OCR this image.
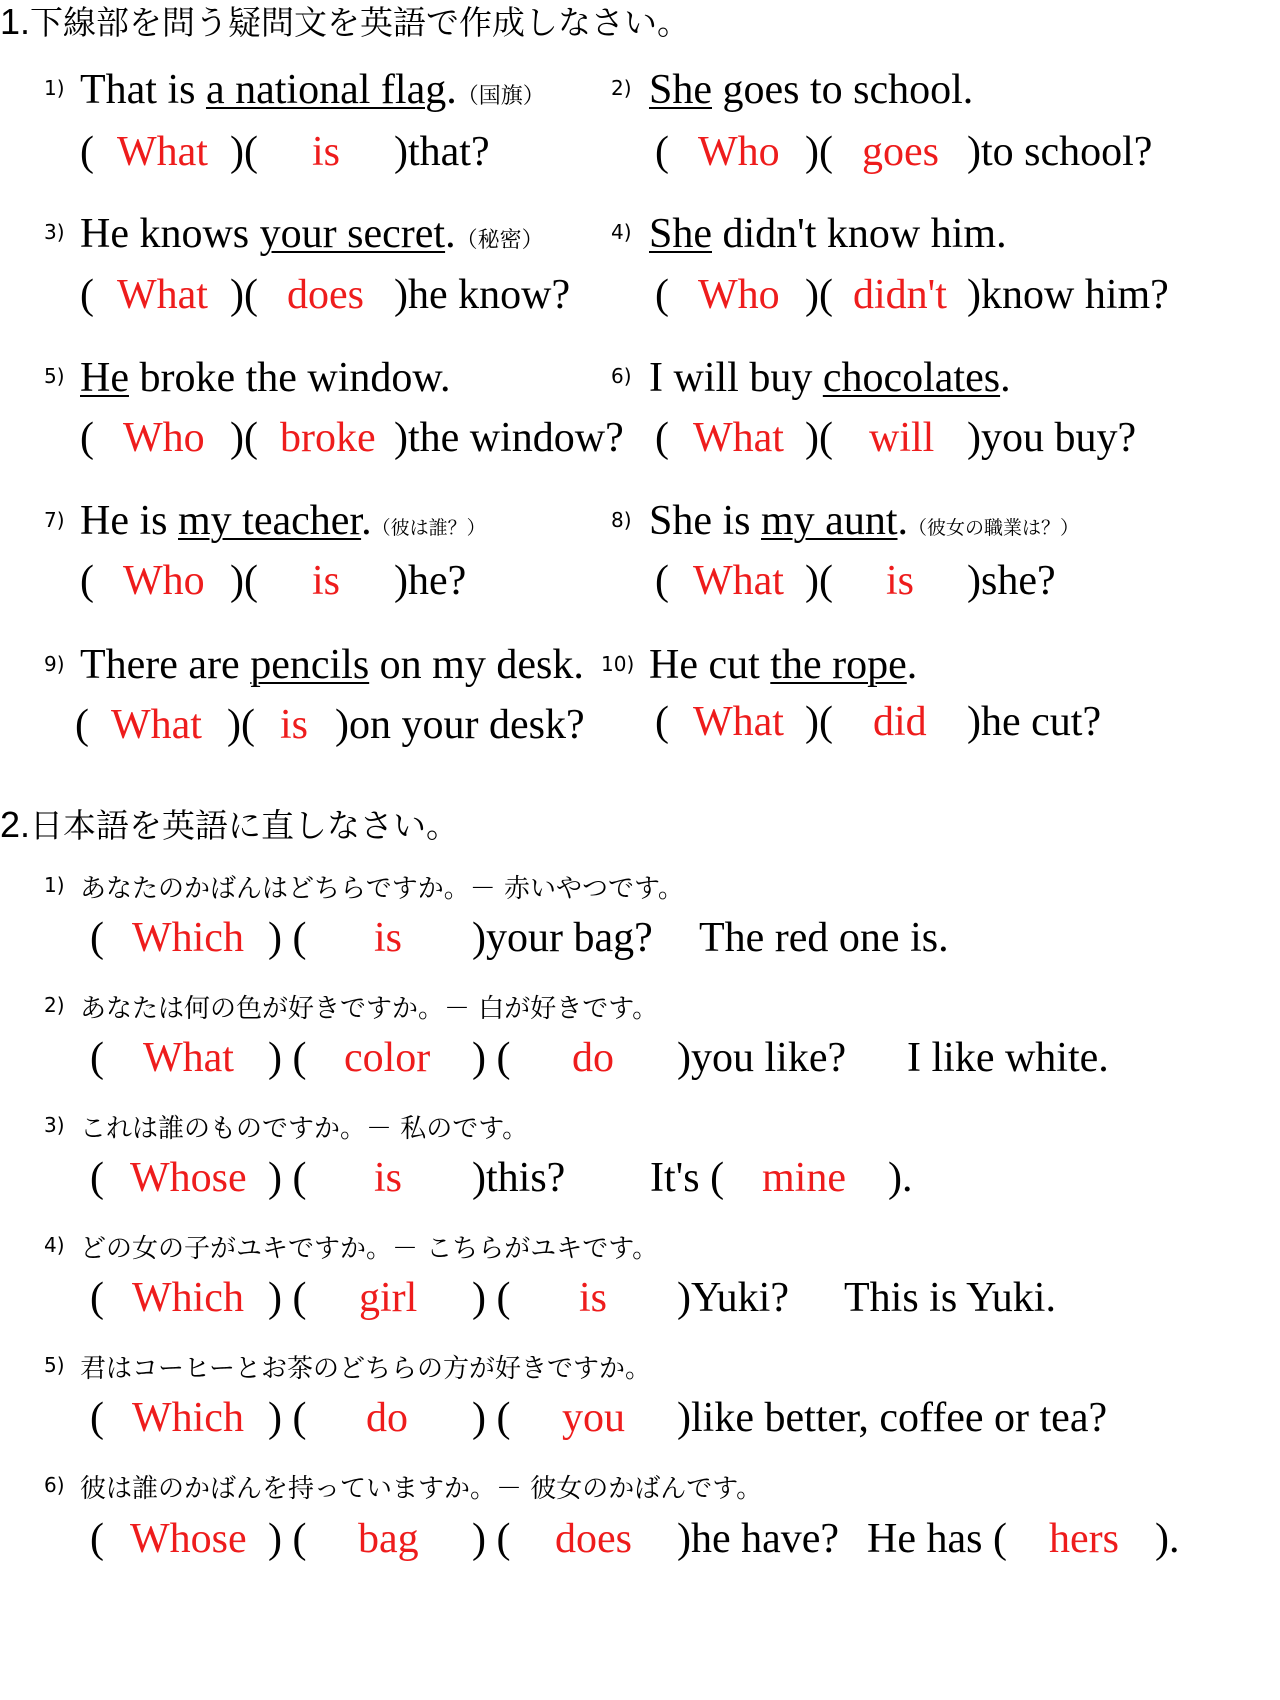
1.下線部を問う疑問文を英語で作成しなさい。
1) That is a national flag.（国旗）
( What )( is )that?
2) She goes to school.
( Who )( goes )to school?
3) He knows your secret.（秘密）
( What )( does )he know?
4) She didn't know him.
( Who )( didn't )know him?
5) He broke the window.
( Who )( broke )the window?
6) I will buy chocolates.
( What )( will )you buy?
7) He is my teacher.（彼は誰？）
( Who )( is )he?
8) She is my aunt.（彼女の職業は？）
( What )( is )she?
9) There are pencils on my desk.
( What )( is )on your desk?
10) He cut the rope.
( What )( did )he cut?
2.日本語を英語に直しなさい。
1) あなたのかばんはどちらですか。－ 赤いやつです。
( Which ) ( is )your bag? The red one is.
2) あなたは何の色が好きですか。－ 白が好きです。
( What ) ( color ) ( do )you like? I like white.
3) これは誰のものですか。－ 私のです。
( Whose ) ( is )this? It's ( mine ).
4) どの女の子がユキですか。－ こちらがユキです。
( Which ) ( girl ) ( is )Yuki? This is Yuki.
5) 君はコーヒーとお茶のどちらの方が好きですか。
( Which ) ( do ) ( you )like better, coffee or tea?
6) 彼は誰のかばんを持っていますか。－ 彼女のかばんです。
( Whose ) ( bag ) ( does )he have? He has ( hers ).
